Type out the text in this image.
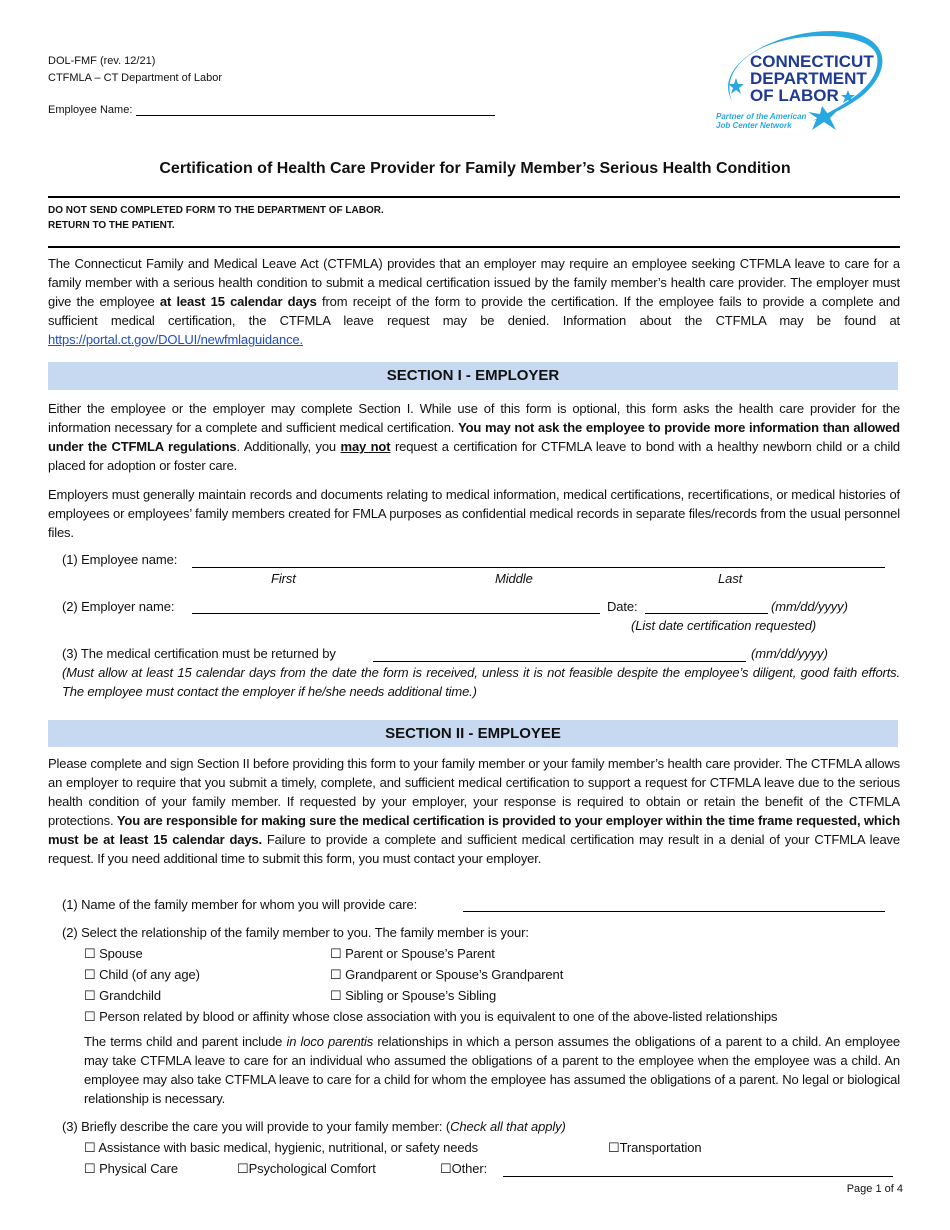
DOL-FMF (rev. 12/21)
CTFMLA – CT Department of Labor
Employee Name:
CONNECTICUT
DEPARTMENT
OF LABOR
Partner of the American
Job Center Network
Certification of Health Care Provider for Family Member’s Serious Health Condition
DO NOT SEND COMPLETED FORM TO THE DEPARTMENT OF LABOR.
RETURN TO THE PATIENT.
The Connecticut Family and Medical Leave Act (CTFMLA) provides that an employer may require an employee seeking CTFMLA leave to care for a family member with a serious health condition to submit a medical certification issued by the family member’s health care provider. The employer must give the employee at least 15 calendar days from receipt of the form to provide the certification. If the employee fails to provide a complete and sufficient medical certification, the CTFMLA leave request may be denied. Information about the CTFMLA may be found at https://portal.ct.gov/DOLUI/newfmlaguidance.
SECTION I - EMPLOYER
Either the employee or the employer may complete Section I. While use of this form is optional, this form asks the health care provider for the information necessary for a complete and sufficient medical certification. You may not ask the employee to provide more information than allowed under the CTFMLA regulations. Additionally, you may not request a certification for CTFMLA leave to bond with a healthy newborn child or a child placed for adoption or foster care.
Employers must generally maintain records and documents relating to medical information, medical certifications, recertifications, or medical histories of employees or employees’ family members created for FMLA purposes as confidential medical records in separate files/records from the usual personnel files.
(1) Employee name:
First	Middle	Last
(2) Employer name:	Date:	(mm/dd/yyyy)
(List date certification requested)
(3) The medical certification must be returned by	(mm/dd/yyyy)
(Must allow at least 15 calendar days from the date the form is received, unless it is not feasible despite the employee’s diligent, good faith efforts. The employee must contact the employer if he/she needs additional time.)
SECTION II - EMPLOYEE
Please complete and sign Section II before providing this form to your family member or your family member’s health care provider. The CTFMLA allows an employer to require that you submit a timely, complete, and sufficient medical certification to support a request for CTFMLA leave due to the serious health condition of your family member. If requested by your employer, your response is required to obtain or retain the benefit of the CTFMLA protections. You are responsible for making sure the medical certification is provided to your employer within the time frame requested, which must be at least 15 calendar days. Failure to provide a complete and sufficient medical certification may result in a denial of your CTFMLA leave request. If you need additional time to submit this form, you must contact your employer.
(1) Name of the family member for whom you will provide care:
(2) Select the relationship of the family member to you. The family member is your:
☐ Spouse	☐ Parent or Spouse’s Parent
☐ Child (of any age)	☐ Grandparent or Spouse’s Grandparent
☐ Grandchild	☐ Sibling or Spouse’s Sibling
☐ Person related by blood or affinity whose close association with you is equivalent to one of the above-listed relationships
The terms child and parent include in loco parentis relationships in which a person assumes the obligations of a parent to a child. An employee may take CTFMLA leave to care for an individual who assumed the obligations of a parent to the employee when the employee was a child. An employee may also take CTFMLA leave to care for a child for whom the employee has assumed the obligations of a parent. No legal or biological relationship is necessary.
(3) Briefly describe the care you will provide to your family member: (Check all that apply)
☐ Assistance with basic medical, hygienic, nutritional, or safety needs	☐Transportation
☐ Physical Care	☐Psychological Comfort	☐Other:
Page 1 of 4
